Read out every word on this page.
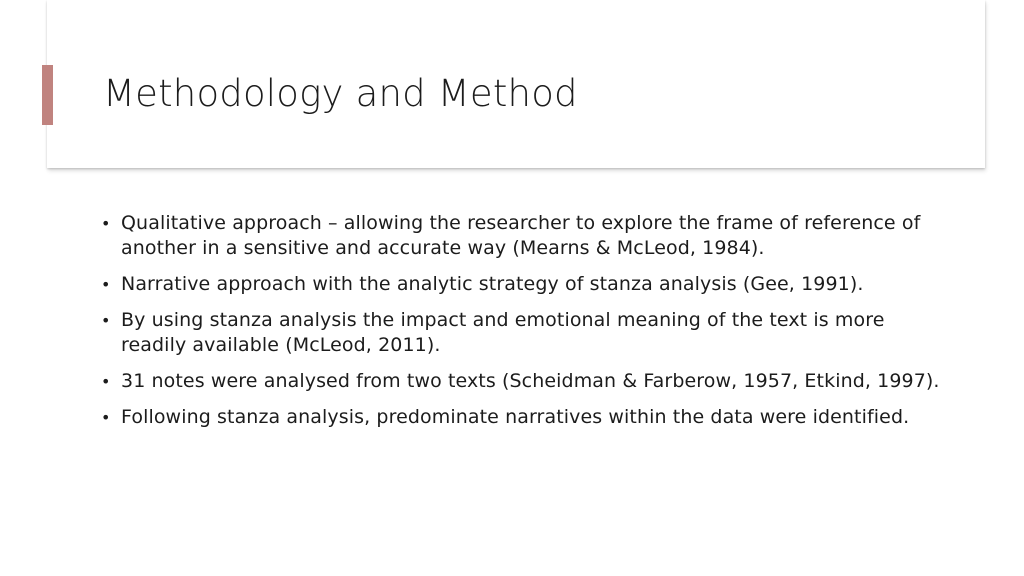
Methodology and Method
• Qualitative approach – allowing the researcher to explore the frame of reference of another in a sensitive and accurate way (Mearns & McLeod, 1984).
• Narrative approach with the analytic strategy of stanza analysis (Gee, 1991).
• By using stanza analysis the impact and emotional meaning of the text is more readily available (McLeod, 2011).
• 31 notes were analysed from two texts (Scheidman & Farberow, 1957, Etkind, 1997).
• Following stanza analysis, predominate narratives within the data were identified.
